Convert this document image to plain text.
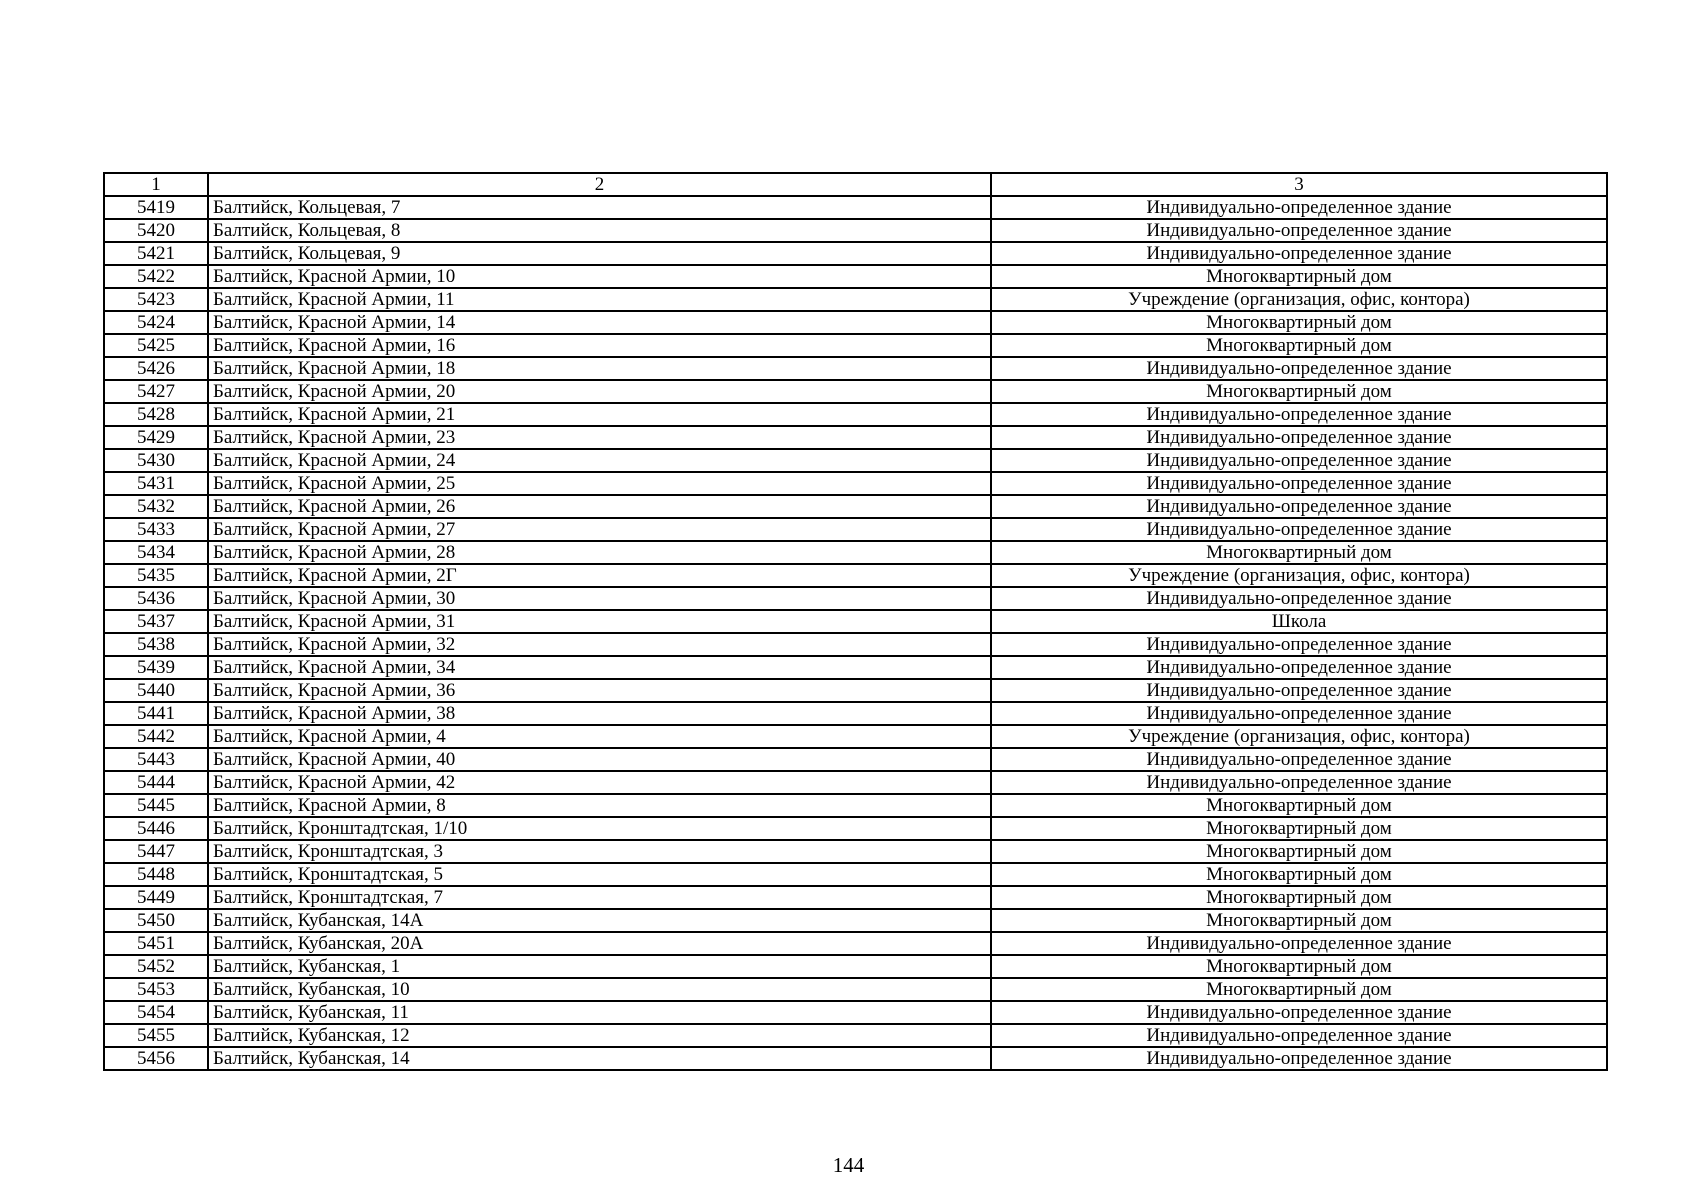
1	2	3
5419	Балтийск, Кольцевая, 7	Индивидуально-определенное здание
5420	Балтийск, Кольцевая, 8	Индивидуально-определенное здание
5421	Балтийск, Кольцевая, 9	Индивидуально-определенное здание
5422	Балтийск, Красной Армии, 10	Многоквартирный дом
5423	Балтийск, Красной Армии, 11	Учреждение (организация, офис, контора)
5424	Балтийск, Красной Армии, 14	Многоквартирный дом
5425	Балтийск, Красной Армии, 16	Многоквартирный дом
5426	Балтийск, Красной Армии, 18	Индивидуально-определенное здание
5427	Балтийск, Красной Армии, 20	Многоквартирный дом
5428	Балтийск, Красной Армии, 21	Индивидуально-определенное здание
5429	Балтийск, Красной Армии, 23	Индивидуально-определенное здание
5430	Балтийск, Красной Армии, 24	Индивидуально-определенное здание
5431	Балтийск, Красной Армии, 25	Индивидуально-определенное здание
5432	Балтийск, Красной Армии, 26	Индивидуально-определенное здание
5433	Балтийск, Красной Армии, 27	Индивидуально-определенное здание
5434	Балтийск, Красной Армии, 28	Многоквартирный дом
5435	Балтийск, Красной Армии, 2Г	Учреждение (организация, офис, контора)
5436	Балтийск, Красной Армии, 30	Индивидуально-определенное здание
5437	Балтийск, Красной Армии, 31	Школа
5438	Балтийск, Красной Армии, 32	Индивидуально-определенное здание
5439	Балтийск, Красной Армии, 34	Индивидуально-определенное здание
5440	Балтийск, Красной Армии, 36	Индивидуально-определенное здание
5441	Балтийск, Красной Армии, 38	Индивидуально-определенное здание
5442	Балтийск, Красной Армии, 4	Учреждение (организация, офис, контора)
5443	Балтийск, Красной Армии, 40	Индивидуально-определенное здание
5444	Балтийск, Красной Армии, 42	Индивидуально-определенное здание
5445	Балтийск, Красной Армии, 8	Многоквартирный дом
5446	Балтийск, Кронштадтская, 1/10	Многоквартирный дом
5447	Балтийск, Кронштадтская, 3	Многоквартирный дом
5448	Балтийск, Кронштадтская, 5	Многоквартирный дом
5449	Балтийск, Кронштадтская, 7	Многоквартирный дом
5450	Балтийск, Кубанская, 14А	Многоквартирный дом
5451	Балтийск, Кубанская, 20А	Индивидуально-определенное здание
5452	Балтийск, Кубанская, 1	Многоквартирный дом
5453	Балтийск, Кубанская, 10	Многоквартирный дом
5454	Балтийск, Кубанская, 11	Индивидуально-определенное здание
5455	Балтийск, Кубанская, 12	Индивидуально-определенное здание
5456	Балтийск, Кубанская, 14	Индивидуально-определенное здание
144
